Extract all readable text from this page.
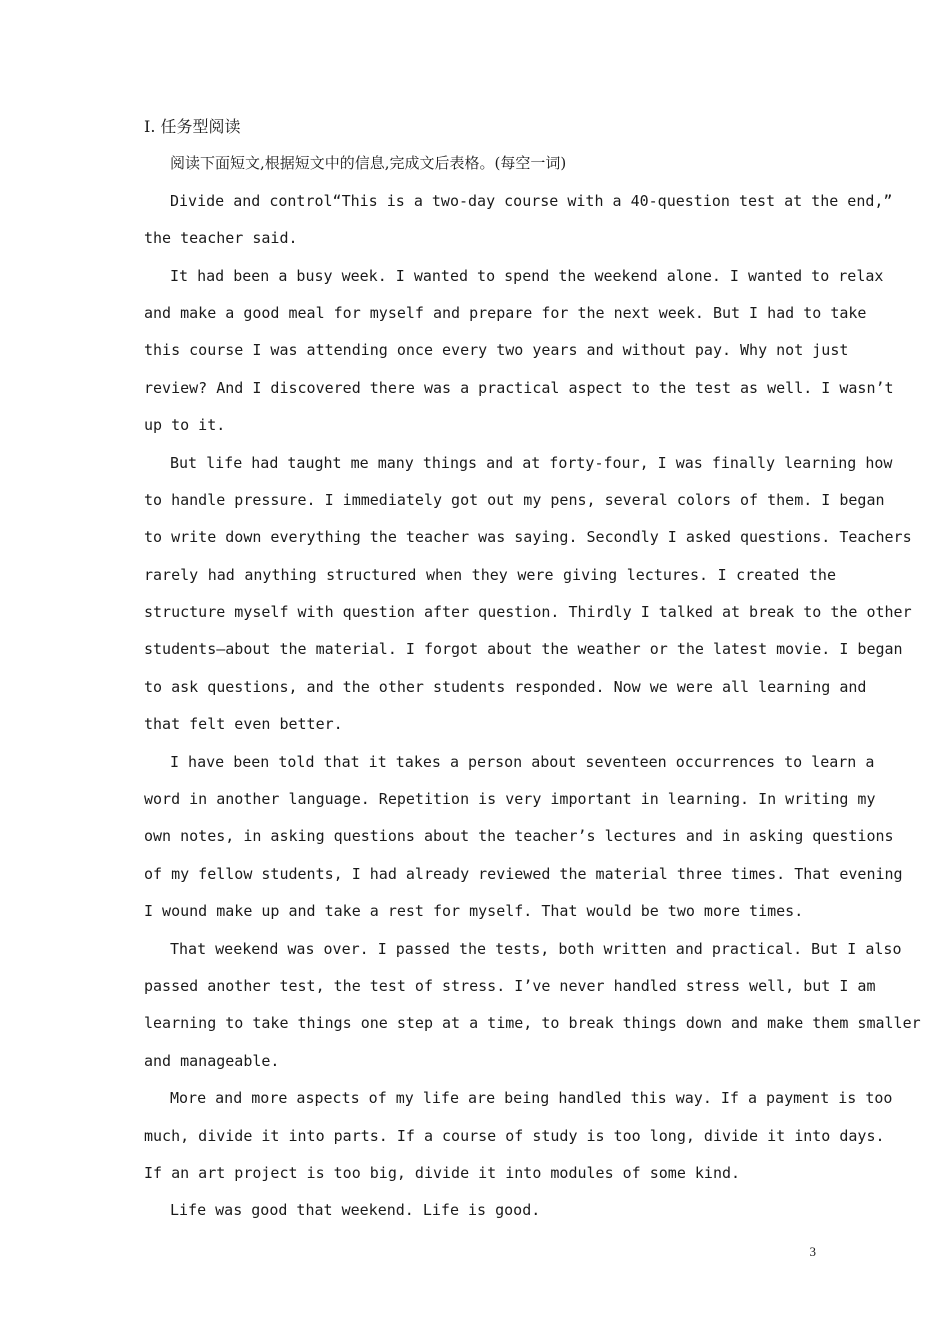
Ⅰ. 任务型阅读
阅读下面短文,根据短文中的信息,完成文后表格。(每空一词)
Divide and control“This is a two-day course with a 40-question test at the end,”
the teacher said.
It had been a busy week. I wanted to spend the weekend alone. I wanted to relax
and make a good meal for myself and prepare for the next week. But I had to take
this course I was attending once every two years and without pay. Why not just
review? And I discovered there was a practical aspect to the test as well. I wasn’t
up to it.
But life had taught me many things and at forty-four, I was finally learning how
to handle pressure. I immediately got out my pens, several colors of them. I began
to write down everything the teacher was saying. Secondly I asked questions. Teachers
rarely had anything structured when they were giving lectures. I created the
structure myself with question after question. Thirdly I talked at break to the other
students—about the material. I forgot about the weather or the latest movie. I began
to ask questions, and the other students responded. Now we were all learning and
that felt even better.
I have been told that it takes a person about seventeen occurrences to learn a
word in another language. Repetition is very important in learning. In writing my
own notes, in asking questions about the teacher’s lectures and in asking questions
of my fellow students, I had already reviewed the material three times. That evening
I wound make up and take a rest for myself. That would be two more times.
That weekend was over. I passed the tests, both written and practical. But I also
passed another test, the test of stress. I’ve never handled stress well, but I am
learning to take things one step at a time, to break things down and make them smaller
and manageable.
More and more aspects of my life are being handled this way. If a payment is too
much, divide it into parts. If a course of study is too long, divide it into days.
If an art project is too big, divide it into modules of some kind.
Life was good that weekend. Life is good.
3
